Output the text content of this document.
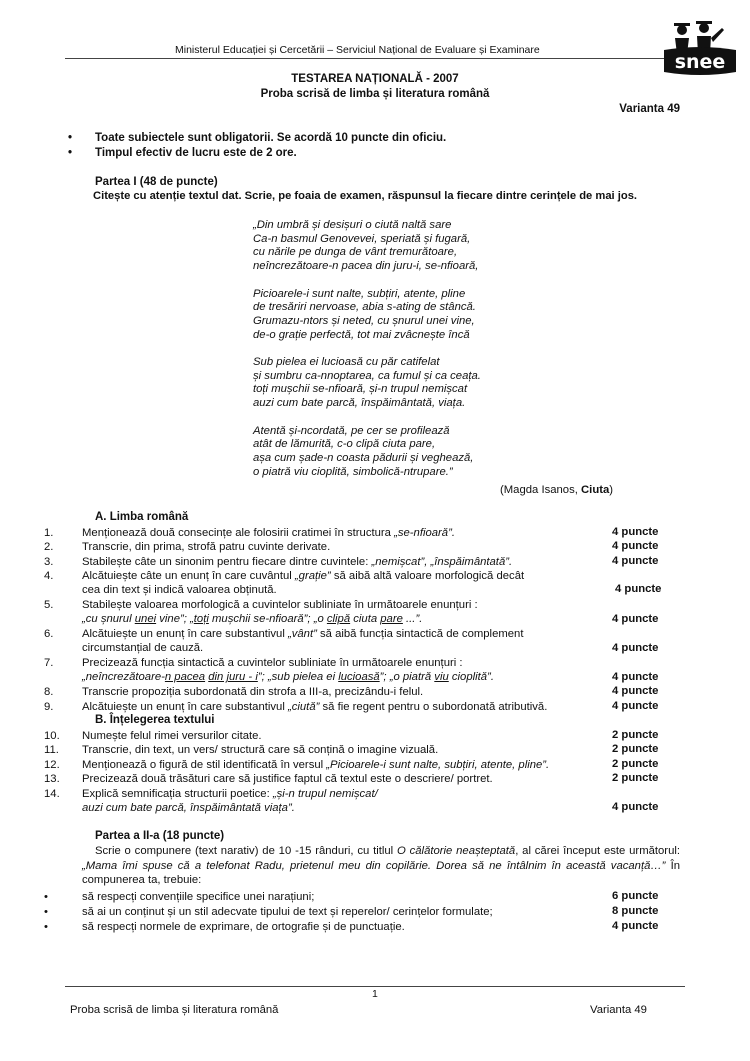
Ministerul Educației și Cercetării – Serviciul Național de Evaluare și Examinare
snee
TESTAREA NAȚIONALĂ - 2007
Proba scrisă de limba și literatura română
Varianta 49
• Toate subiectele sunt obligatorii. Se acordă 10 puncte din oficiu.
• Timpul efectiv de lucru este de 2 ore.
Partea I (48 de puncte)
Citește cu atenție textul dat. Scrie, pe foaia de examen, răspunsul la fiecare dintre cerințele de mai jos.
„Din umbră și desișuri o ciută naltă sare
Ca-n basmul Genovevei, speriată și fugară,
cu nările pe dunga de vânt tremurătoare,
neîncrezătoare-n pacea din juru-i, se-nfioară,
Picioarele-i sunt nalte, subțiri, atente, pline
de tresăriri nervoase, abia s-ating de stâncă.
Grumazu-ntors și neted, cu șnurul unei vine,
de-o grație perfectă, tot mai zvâcnește încă
Sub pielea ei lucioasă cu păr catifelat
și sumbru ca-nnoptarea, ca fumul și ca ceața.
toți mușchii se-nfioară, și-n trupul nemișcat
auzi cum bate parcă, înspăimântată, viața.
Atentă și-ncordată, pe cer se profilează
atât de lămurită, c-o clipă ciuta pare,
așa cum șade-n coasta pădurii și veghează,
o piatră viu cioplită, simbolică-ntrupare.”
(Magda Isanos, Ciuta)
A. Limba română
1.	Menționează două consecințe ale folosirii cratimei în structura „se-nfioară”.	4 puncte
2.	Transcrie, din prima, strofă patru cuvinte derivate.	4 puncte
3.	Stabilește câte un sinonim pentru fiecare dintre cuvintele: „nemișcat”, „înspăimântată”.	4 puncte
4.	Alcătuiește câte un enunț în care cuvântul „grație” să aibă altă valoare morfologică decât
cea din text și indică valoarea obținută.	4 puncte
5.	Stabilește valoarea morfologică a cuvintelor subliniate în următoarele enunțuri :
„cu șnurul unei vine”; „toți mușchii se-nfioară”; „o clipă ciuta pare ...”.	4 puncte
6.	Alcătuiește un enunț în care substantivul „vânt” să aibă funcția sintactică de complement
circumstanțial de cauză.	4 puncte
7.	Precizează funcția sintactică a cuvintelor subliniate în următoarele enunțuri :
„neîncrezătoare-n pacea din juru - i”; „sub pielea ei lucioasă”; „o piatră viu cioplită”.	4 puncte
8.	Transcrie propoziția subordonată din strofa a III-a, precizându-i felul.	4 puncte
9.	Alcătuiește un enunț în care substantivul „ciută” să fie regent pentru o subordonată atributivă.	4 puncte
B. Înțelegerea textului
10.	Numește felul rimei versurilor citate.	2 puncte
11.	Transcrie, din text, un vers/ structură care să conțină o imagine vizuală.	2 puncte
12.	Menționează o figură de stil identificată în versul „Picioarele-i sunt nalte, subțiri, atente, pline”.	2 puncte
13.	Precizează două trăsături care să justifice faptul că textul este o descriere/ portret.	2 puncte
14.	Explică semnificația structurii poetice: „și-n trupul nemișcat/
auzi cum bate parcă, înspăimântată viața”.	4 puncte
Partea a II-a (18 puncte)
Scrie o compunere (text narativ) de 10 -15 rânduri, cu titlul O călătorie neașteptată, al cărei început este următorul: „Mama îmi spuse că a telefonat Radu, prietenul meu din copilărie. Dorea să ne întâlnim în această vacanță…” În compunerea ta, trebuie:
•	să respecți convențiile specifice unei narațiuni;	6 puncte
•	să ai un conținut și un stil adecvate tipului de text și reperelor/ cerințelor formulate;	8 puncte
•	să respecți normele de exprimare, de ortografie și de punctuație.	4 puncte
1
Proba scrisă de limba și literatura română	Varianta 49
